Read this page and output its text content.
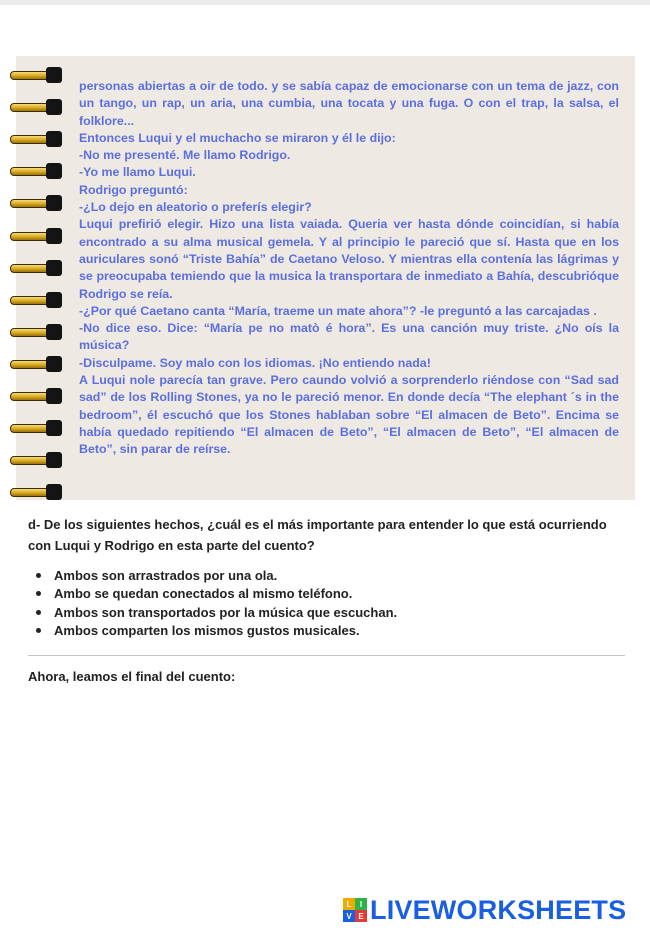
personas abiertas a oir de todo. y se sabía capaz de emocionarse con un tema de jazz, con un tango, un rap, un aria, una cumbia, una tocata y una fuga. O con el trap, la salsa, el folklore...

Entonces Luqui y el muchacho se miraron y él le dijo:

-No me presenté. Me llamo Rodrigo.

-Yo me llamo Luqui.

Rodrigo preguntó:

-¿Lo dejo en aleatorio o preferís elegir?

Luqui prefirió elegir. Hizo una lista vaiada. Queria ver hasta dónde coincidían, si había encontrado a su alma musical gemela. Y al principio le pareció que sí. Hasta que en los auriculares sonó “Triste Bahía” de Caetano Veloso. Y mientras ella contenía las lágrimas y se preocupaba temiendo que la musica la transportara de inmediato a Bahía, descubrióque Rodrigo se reía.

-¿Por qué Caetano canta “María, traeme un mate ahora”? -le preguntó a las carcajadas .

-No dice eso. Dice: “María pe no matò é hora”. Es una canción muy triste. ¿No oís la música?

-Disculpame. Soy malo con los idiomas. ¡No entiendo nada!

A Luqui nole parecía tan grave. Pero caundo volvió a sorprenderlo riéndose con “Sad sad sad” de los Rolling Stones, ya no le pareció menor. En donde decía “The elephant ´s in the bedroom”, él escuchó que los Stones hablaban sobre “El almacen de Beto”. Encima se había quedado repitiendo “El almacen de Beto”, “El almacen de Beto”, “El almacen de Beto”, sin parar de reírse.

d- De los siguientes hechos, ¿cuál es el más importante para entender lo que está ocurriendo con Luqui y Rodrigo en esta parte del cuento?
Ambos son arrastrados por una ola.
Ambo se quedan conectados al mismo teléfono.
Ambos son transportados por la música que escuchan.
Ambos comparten los mismos gustos musicales.
Ahora, leamos el final del cuento:
L	I
V E LIVEWORKSHEETS
